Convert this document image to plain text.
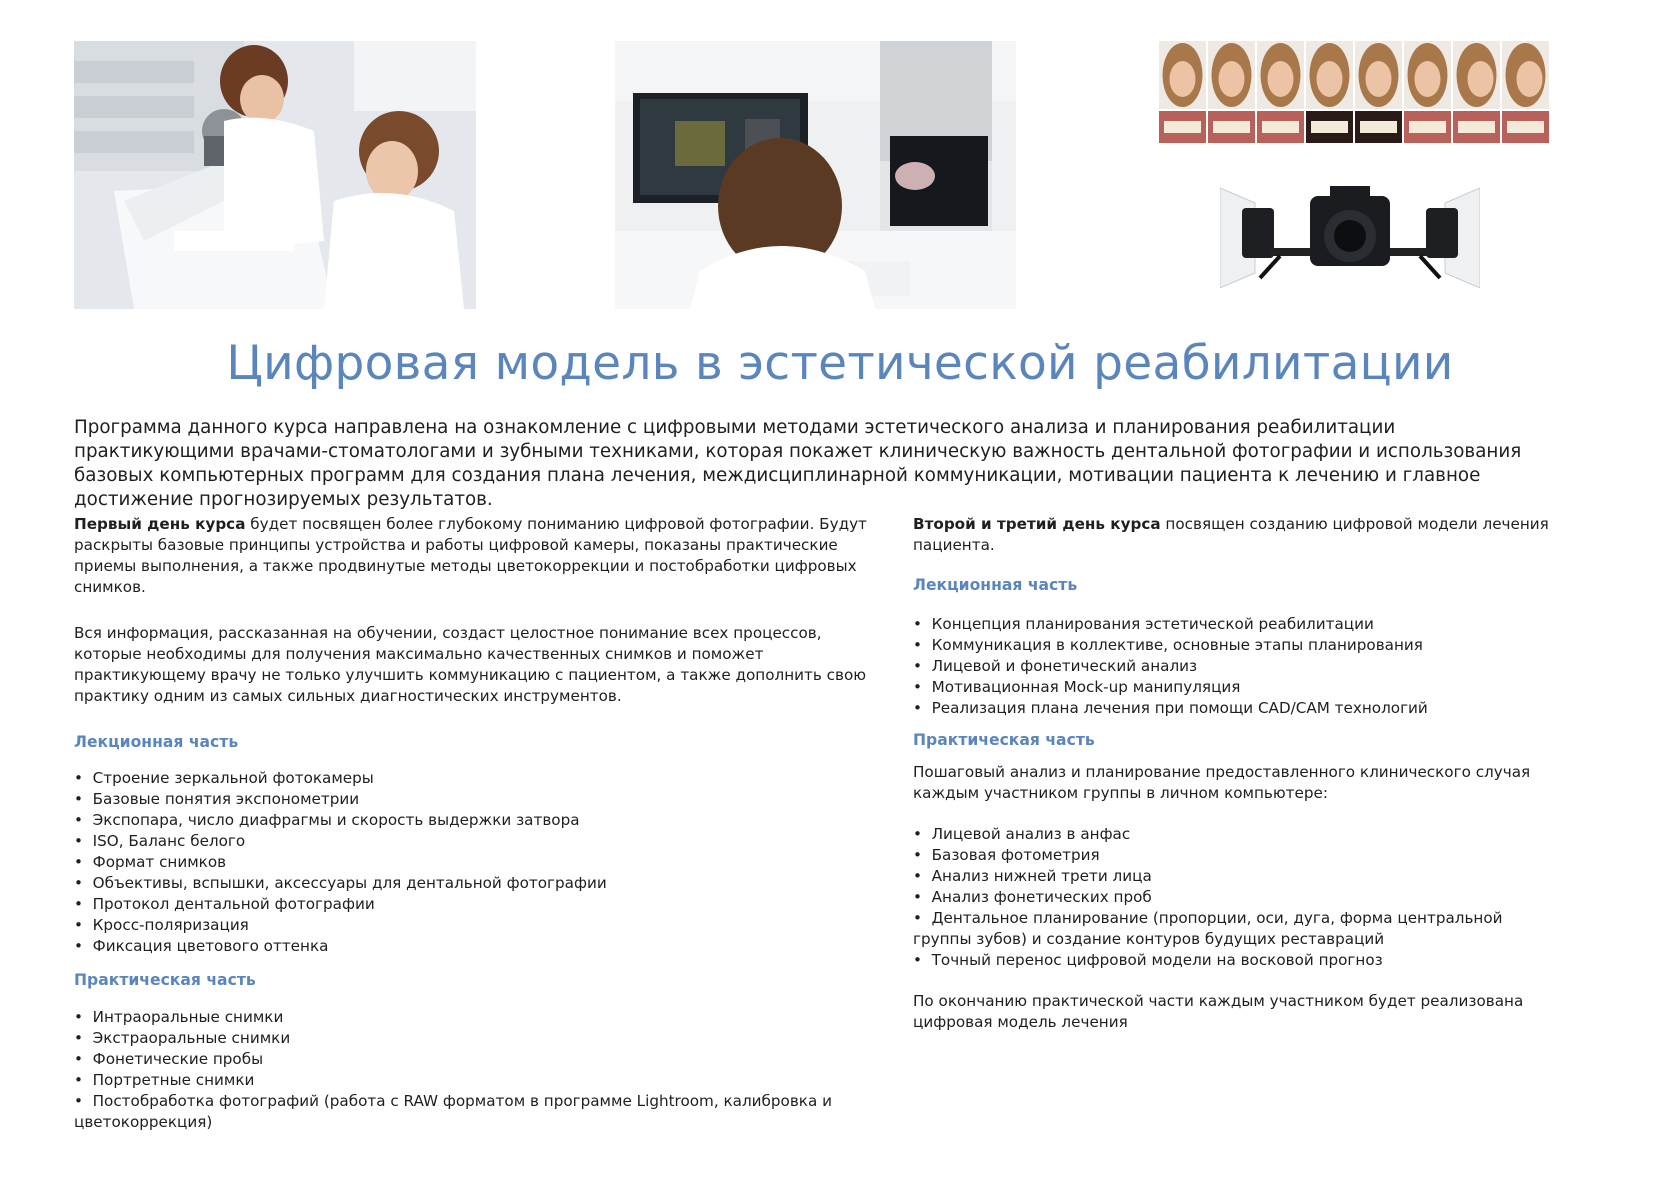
Цифровая модель в эстетической реабилитации

Программа данного курса направлена на ознакомление с цифровыми методами эстетического анализа и планирования реабилитации практикующими врачами-стоматологами и зубными техниками, которая покажет клиническую важность дентальной фотографии и использования базовых компьютерных программ для создания плана лечения, междисциплинарной коммуникации, мотивации пациента к лечению и главное достижение прогнозируемых результатов.

Первый день курса будет посвящен более глубокому пониманию цифровой фотографии. Будут раскрыты базовые принципы устройства и работы цифровой камеры, показаны практические приемы выполнения, а также продвинутые методы цветокоррекции и постобработки цифровых снимков.

Вся информация, рассказанная на обучении, создаст целостное понимание всех процессов, которые необходимы для получения максимально качественных снимков и поможет практикующему врачу не только улучшить коммуникацию с пациентом, а также дополнить свою практику одним из самых сильных диагностических инструментов.

Лекционная часть

•  Строение зеркальной фотокамеры
•  Базовые понятия экспонометрии
•  Экспопара, число диафрагмы и скорость выдержки затвора
•  ISO, Баланс белого
•  Формат снимков
•  Объективы, вспышки, аксессуары для дентальной фотографии
•  Протокол дентальной фотографии
•  Кросс-поляризация
•  Фиксация цветового оттенка

Практическая часть

•  Интраоральные снимки
•  Экстраоральные снимки
•  Фонетические пробы
•  Портретные снимки
•  Постобработка фотографий (работа с RAW форматом в программе Lightroom, калибровка и цветокоррекция)

Второй и третий день курса посвящен созданию цифровой модели лечения пациента.

Лекционная часть

•  Концепция планирования эстетической реабилитации
•  Коммуникация в коллективе, основные этапы планирования
•  Лицевой и фонетический анализ
•  Мотивационная Mock-up манипуляция
•  Реализация плана лечения при помощи CAD/CAM технологий

Практическая часть

Пошаговый анализ и планирование предоставленного клинического случая каждым участником группы в личном компьютере:

•  Лицевой анализ в анфас
•  Базовая фотометрия
•  Анализ нижней трети лица
•  Анализ фонетических проб
•  Дентальное планирование (пропорции, оси, дуга, форма центральной группы зубов) и создание контуров будущих реставраций
•  Точный перенос цифровой модели на восковой прогноз

По окончанию практической части каждым участником будет реализована цифровая модель лечения
